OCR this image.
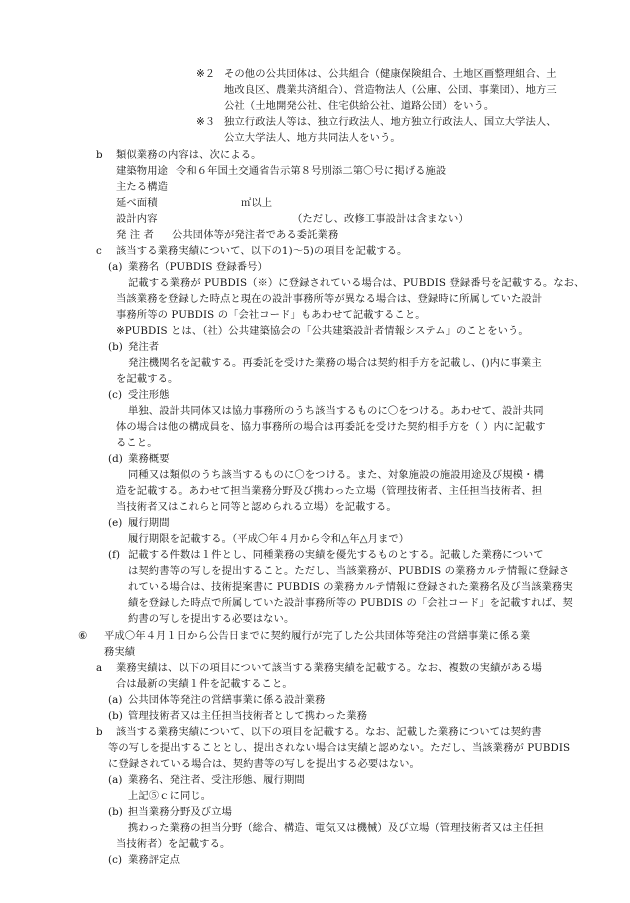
※２ その他の公共団体は、公共組合（健康保険組合、土地区画整理組合、土
地改良区、農業共済組合）、営造物法人（公庫、公団、事業団）、地方三
公社（土地開発公社、住宅供給公社、道路公団）をいう。
※３ 独立行政法人等は、独立行政法人、地方独立行政法人、国立大学法人、
公立大学法人、地方共同法人をいう。
b 類似業務の内容は、次による。
建築物用途 令和６年国土交通省告示第８号別添二第〇号に掲げる施設
主たる構造
延べ面積	㎡以上
設計内容	（ただし、改修工事設計は含まない）
発 注 者 公共団体等が発注者である委託業務
c 該当する業務実績について、以下の1)～5)の項目を記載する。
(a) 業務名（PUBDIS 登録番号）
記載する業務が PUBDIS（※）に登録されている場合は、PUBDIS 登録番号を記載する。なお、
当該業務を登録した時点と現在の設計事務所等が異なる場合は、登録時に所属していた設計
事務所等の PUBDIS の「会社コード」もあわせて記載すること。
※PUBDIS とは、（社）公共建築協会の「公共建築設計者情報システム」のことをいう。
(b) 発注者
発注機関名を記載する。再委託を受けた業務の場合は契約相手方を記載し、()内に事業主
を記載する。
(c) 受注形態
単独、設計共同体又は協力事務所のうち該当するものに〇をつける。あわせて、設計共同
体の場合は他の構成員を、協力事務所の場合は再委託を受けた契約相手方を（ ）内に記載す
ること。
(d) 業務概要
同種又は類似のうち該当するものに〇をつける。また、対象施設の施設用途及び規模・構
造を記載する。あわせて担当業務分野及び携わった立場（管理技術者、主任担当技術者、担
当技術者又はこれらと同等と認められる立場）を記載する。
(e) 履行期間
履行期限を記載する。（平成〇年４月から令和△年△月まで）
(f) 記載する件数は１件とし、同種業務の実績を優先するものとする。記載した業務について
は契約書等の写しを提出すること。ただし、当該業務が、PUBDIS の業務カルテ情報に登録さ
れている場合は、技術提案書に PUBDIS の業務カルテ情報に登録された業務名及び当該業務実
績を登録した時点で所属していた設計事務所等の PUBDIS の「会社コード」を記載すれば、契
約書の写しを提出する必要はない。
⑥ 平成〇年４月１日から公告日までに契約履行が完了した公共団体等発注の営繕事業に係る業
務実績
a 業務実績は、以下の項目について該当する業務実績を記載する。なお、複数の実績がある場
合は最新の実績１件を記載すること。
(a) 公共団体等発注の営繕事業に係る設計業務
(b) 管理技術者又は主任担当技術者として携わった業務
b 該当する業務実績について、以下の項目を記載する。なお、記載した業務については契約書
等の写しを提出することとし、提出されない場合は実績と認めない。ただし、当該業務が PUBDIS
に登録されている場合は、契約書等の写しを提出する必要はない。
(a) 業務名、発注者、受注形態、履行期間
上記⑤ｃに同じ。
(b) 担当業務分野及び立場
携わった業務の担当分野（総合、構造、電気又は機械）及び立場（管理技術者又は主任担
当技術者）を記載する。
(c) 業務評定点
